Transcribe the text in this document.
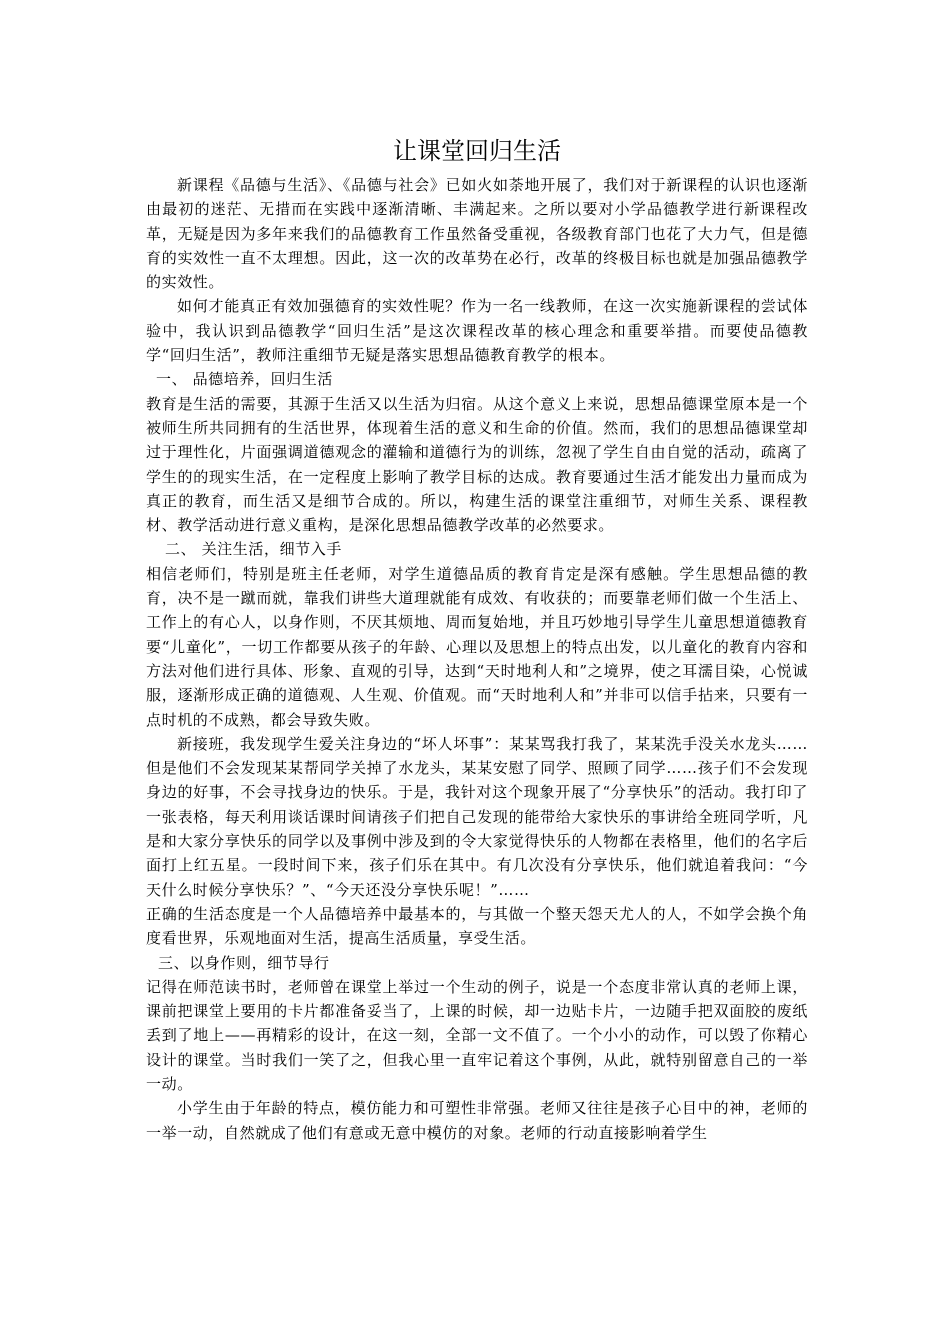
让课堂回归生活

新课程《品德与生活》、《品德与社会》已如火如荼地开展了，我们对于新课程的认识也逐渐由最初的迷茫、无措而在实践中逐渐清晰、丰满起来。之所以要对小学品德教学进行新课程改革，无疑是因为多年来我们的品德教育工作虽然备受重视，各级教育部门也花了大力气，但是德育的实效性一直不太理想。因此，这一次的改革势在必行，改革的终极目标也就是加强品德教学的实效性。

如何才能真正有效加强德育的实效性呢？作为一名一线教师，在这一次实施新课程的尝试体验中，我认识到品德教学“回归生活”是这次课程改革的核心理念和重要举措。而要使品德教学“回归生活”，教师注重细节无疑是落实思想品德教育教学的根本。

一、 品德培养，回归生活

教育是生活的需要，其源于生活又以生活为归宿。从这个意义上来说，思想品德课堂原本是一个被师生所共同拥有的生活世界，体现着生活的意义和生命的价值。然而，我们的思想品德课堂却过于理性化，片面强调道德观念的灌输和道德行为的训练，忽视了学生自由自觉的活动，疏离了学生的的现实生活，在一定程度上影响了教学目标的达成。教育要通过生活才能发出力量而成为真正的教育，而生活又是细节合成的。所以，构建生活的课堂注重细节，对师生关系、课程教材、教学活动进行意义重构，是深化思想品德教学改革的必然要求。

二、 关注生活，细节入手

相信老师们，特别是班主任老师，对学生道德品质的教育肯定是深有感触。学生思想品德的教育，决不是一蹴而就，靠我们讲些大道理就能有成效、有收获的；而要靠老师们做一个生活上、工作上的有心人，以身作则，不厌其烦地、周而复始地，并且巧妙地引导学生儿童思想道德教育要“儿童化”，一切工作都要从孩子的年龄、心理以及思想上的特点出发，以儿童化的教育内容和方法对他们进行具体、形象、直观的引导，达到“天时地利人和”之境界，使之耳濡目染，心悦诚服，逐渐形成正确的道德观、人生观、价值观。而“天时地利人和”并非可以信手拈来，只要有一点时机的不成熟，都会导致失败。

新接班，我发现学生爱关注身边的“坏人坏事”：某某骂我打我了，某某洗手没关水龙头……但是他们不会发现某某帮同学关掉了水龙头，某某安慰了同学、照顾了同学……孩子们不会发现身边的好事，不会寻找身边的快乐。于是，我针对这个现象开展了“分享快乐”的活动。我打印了一张表格，每天利用谈话课时间请孩子们把自己发现的能带给大家快乐的事讲给全班同学听，凡是和大家分享快乐的同学以及事例中涉及到的令大家觉得快乐的人物都在表格里，他们的名字后面打上红五星。一段时间下来，孩子们乐在其中。有几次没有分享快乐，他们就追着我问：“今天什么时候分享快乐？”、“今天还没分享快乐呢！”……

正确的生活态度是一个人品德培养中最基本的，与其做一个整天怨天尤人的人，不如学会换个角度看世界，乐观地面对生活，提高生活质量，享受生活。

三、以身作则，细节导行

记得在师范读书时，老师曾在课堂上举过一个生动的例子，说是一个态度非常认真的老师上课，课前把课堂上要用的卡片都准备妥当了，上课的时候，却一边贴卡片，一边随手把双面胶的废纸丢到了地上——再精彩的设计，在这一刻，全部一文不值了。一个小小的动作，可以毁了你精心设计的课堂。当时我们一笑了之，但我心里一直牢记着这个事例，从此，就特别留意自己的一举一动。

小学生由于年龄的特点，模仿能力和可塑性非常强。老师又往往是孩子心目中的神，老师的一举一动，自然就成了他们有意或无意中模仿的对象。老师的行动直接影响着学生
